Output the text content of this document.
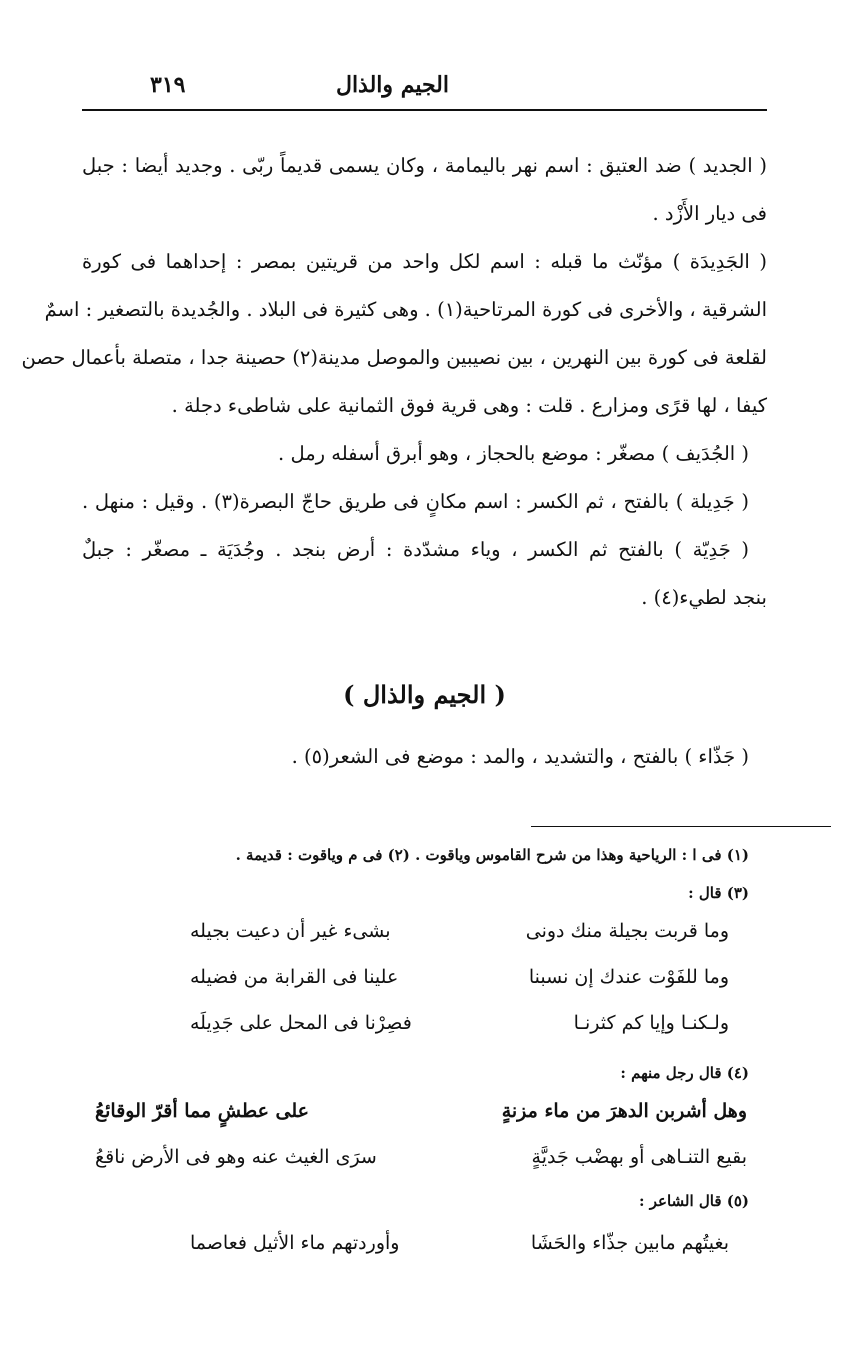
الجيم والذال
٣١٩
( الجديد ) ضد العتيق : اسم نهر باليمامة ، وكان يسمى قديماً ربّى . وجديد أيضا : جبل
فى ديار الأَزْد .
( الجَدِيدَة ) مؤنّث ما قبله : اسم لكل واحد من قريتين بمصر : إحداهما فى كورة
الشرقية ، والأخرى فى كورة المرتاحية(١) . وهى كثيرة فى البلاد . والجُديدة بالتصغير : اسمٌ
لقلعة فى كورة بين النهرين ، بين نصيبين والموصل مدينة(٢) حصينة جدا ، متصلة بأعمال حصن
كيفا ، لها قرًى ومزارع . قلت : وهى قرية فوق الثمانية على شاطىء دجلة .
( الجُدَيف ) مصغّر : موضع بالحجاز ، وهو أبرق أسفله رمل .
( جَدِيلة ) بالفتح ، ثم الكسر : اسم مكانٍ فى طريق حاجّ البصرة(٣) . وقيل : منهل .
( جَدِيّة ) بالفتح ثم الكسر ، وياء مشدّدة : أرض بنجد . وجُدَيَة ـ مصغّر : جبلٌ
بنجد لطيء(٤) .
( الجيم والذال )
( جَذّاء ) بالفتح ، والتشديد ، والمد : موضع فى الشعر(٥) .
(١) فى ا : الرياحية وهذا من شرح القاموس وياقوت . (٢) فى م وياقوت : قديمة .
(٣) قال :
وما قربت بجيلة منك دونى
بشىء غير أن دعيت بجيله
وما للفَوْت عندك إن نسبنا
علينا فى القرابة من فضيله
ولـكنـا وإيا كم كثرنـا
فصِرْنا فى المحل على جَدِيلَه
(٤) قال رجل منهم :
وهل أشربن الدهرَ من ماء مزنةٍ
على عطشٍ مما أقرّ الوقائعُ
بقيع التنـاهى أو بهضْب جَديَّةٍ
سرَى الغيث عنه وهو فى الأرض ناقعُ
(٥) قال الشاعر :
بغيتُهم مابين جذّاء والحَشَا
وأوردتهم ماء الأثيل فعاصما
